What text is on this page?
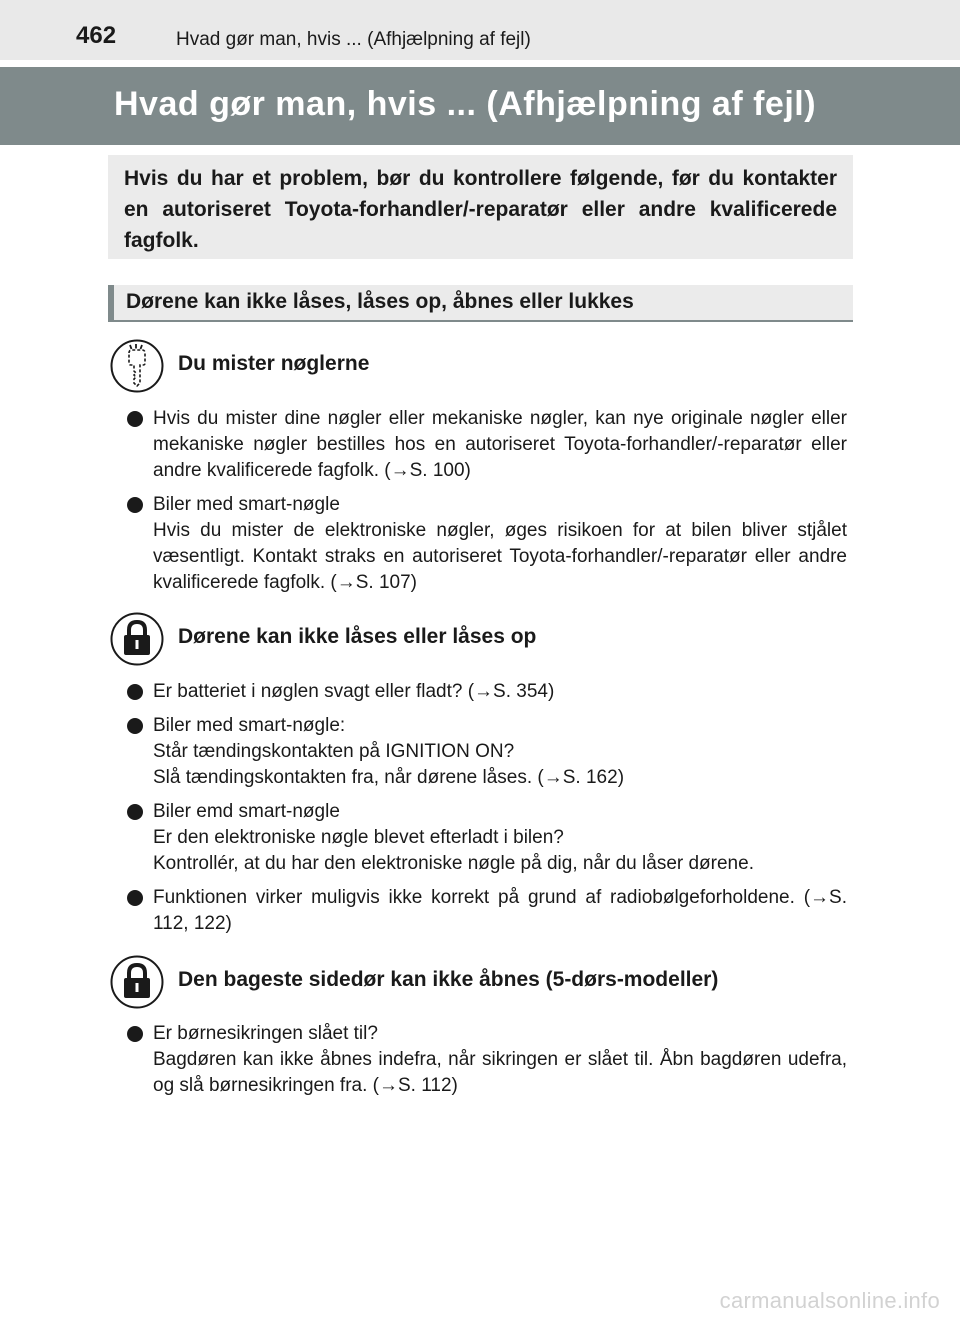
462	Hvad gør man, hvis ... (Afhjælpning af fejl)
Hvad gør man, hvis ... (Afhjælpning af fejl)

Hvis du har et problem, bør du kontrollere følgende, før du kontakter en autoriseret Toyota-forhandler/-reparatør eller andre kvalificerede fagfolk.

Dørene kan ikke låses, låses op, åbnes eller lukkes
Du mister nøglerne
Hvis du mister dine nøgler eller mekaniske nøgler, kan nye originale nøgler eller mekaniske nøgler bestilles hos en autoriseret Toyota-forhandler/-reparatør eller andre kvalificerede fagfolk. (→S. 100)
Biler med smart-nøgle
Hvis du mister de elektroniske nøgler, øges risikoen for at bilen bliver stjålet væsentligt. Kontakt straks en autoriseret Toyota-forhandler/-reparatør eller andre kvalificerede fagfolk. (→S. 107)
Dørene kan ikke låses eller låses op
Er batteriet i nøglen svagt eller fladt? (→S. 354)
Biler med smart-nøgle:
Står tændingskontakten på IGNITION ON?
Slå tændingskontakten fra, når dørene låses. (→S. 162)
Biler emd smart-nøgle
Er den elektroniske nøgle blevet efterladt i bilen?
Kontrollér, at du har den elektroniske nøgle på dig, når du låser dørene.
Funktionen virker muligvis ikke korrekt på grund af radiobølgeforholdene. (→S. 112, 122)
Den bageste sidedør kan ikke åbnes (5-dørs-modeller)
Er børnesikringen slået til?
Bagdøren kan ikke åbnes indefra, når sikringen er slået til. Åbn bagdøren udefra, og slå børnesikringen fra. (→S. 112)
carmanualsonline.info
